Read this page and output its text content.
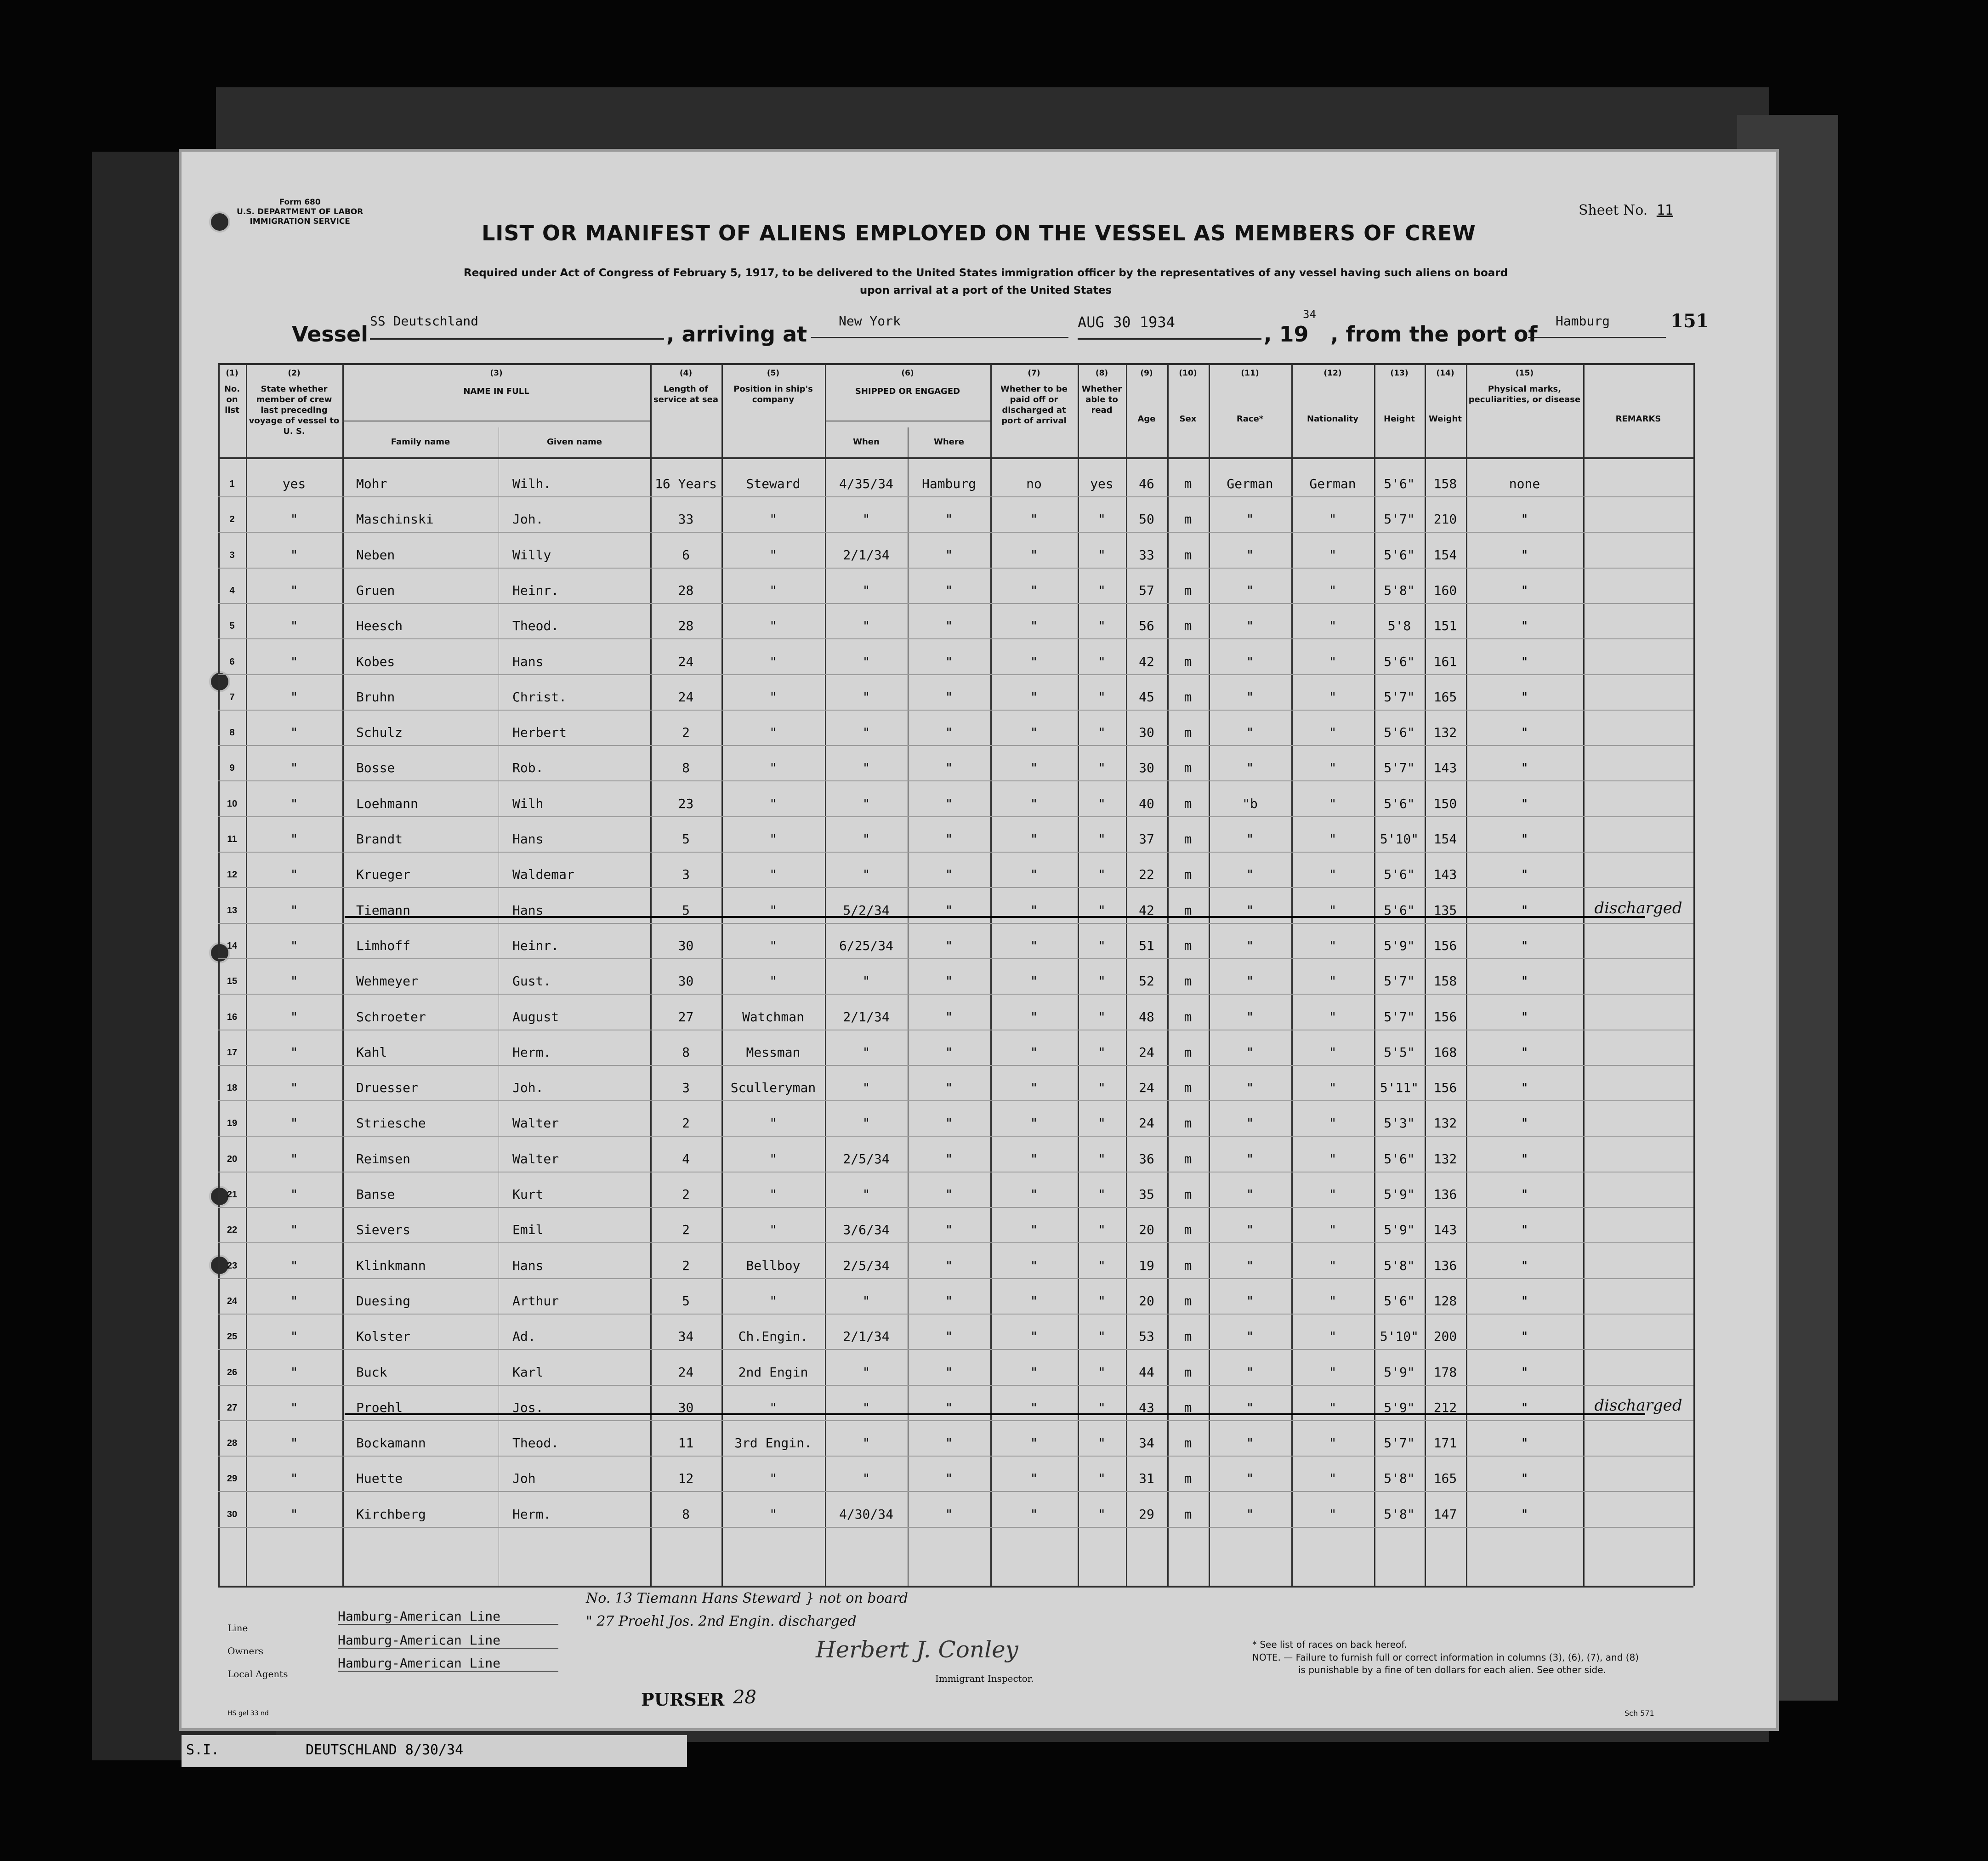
Form 680
U.S. DEPARTMENT OF LABOR
IMMIGRATION SERVICE
Sheet No. 11
LIST OR MANIFEST OF ALIENS EMPLOYED ON THE VESSEL AS MEMBERS OF CREW
Required under Act of Congress of February 5, 1917, to be delivered to the United States immigration officer by the representatives of any vessel having such aliens on board
upon arrival at a port of the United States
151
Vessel
SS Deutschland
, arriving at
New York	AUG 30 1934	, 19
34
, from the port of
Hamburg
(1)
No. on list
(2)
State whether member of crew last preceding voyage of vessel to U. S.
(3)
NAME IN FULL
(4)
Length of service at sea
(5)
Position in ship's company
(6)
SHIPPED OR ENGAGED
(7)
Whether to be paid off or discharged at port of arrival
(8)
Whether able to read
(9)
Age
(10)
Sex
(11)
Race*
(12)
Nationality
(13)
Height
(14)
Weight
(15)
Physical marks, peculiarities, or disease
REMARKS
Family name	Given name	When	Where
1	yes	Mohr	Wilh.	16 Years	Steward	4/35/34	Hamburg	no	yes	46	m	German	German	5'6"	158	none
2	"	Maschinski	Joh.	33	"	"	"	"	"	50	m	"	"	5'7"	210	"
3	"	Neben	Willy	6	"	2/1/34	"	"	"	33	m	"	"	5'6"	154	"
4	"	Gruen	Heinr.	28	"	"	"	"	"	57	m	"	"	5'8"	160	"
5	"	Heesch	Theod.	28	"	"	"	"	"	56	m	"	"	5'8	151	"
6	"	Kobes	Hans	24	"	"	"	"	"	42	m	"	"	5'6"	161	"
7	"	Bruhn	Christ.	24	"	"	"	"	"	45	m	"	"	5'7"	165	"
8	"	Schulz	Herbert	2	"	"	"	"	"	30	m	"	"	5'6"	132	"
9	"	Bosse	Rob.	8	"	"	"	"	"	30	m	"	"	5'7"	143	"
10	"	Loehmann	Wilh	23	"	"	"	"	"	40	m	"b	"	5'6"	150	"
11	"	Brandt	Hans	5	"	"	"	"	"	37	m	"	"	5'10"	154	"
12	"	Krueger	Waldemar	3	"	"	"	"	"	22	m	"	"	5'6"	143	"
13	"	Tiemann	Hans	5	"	5/2/34	"	"	"	42	m	"	"	5'6"	135	"	discharged
14	"	Limhoff	Heinr.	30	"	6/25/34	"	"	"	51	m	"	"	5'9"	156	"
15	"	Wehmeyer	Gust.	30	"	"	"	"	"	52	m	"	"	5'7"	158	"
16	"	Schroeter	August	27	Watchman	2/1/34	"	"	"	48	m	"	"	5'7"	156	"
17	"	Kahl	Herm.	8	Messman	"	"	"	"	24	m	"	"	5'5"	168	"
18	"	Druesser	Joh.	3	Sculleryman	"	"	"	"	24	m	"	"	5'11"	156	"
19	"	Striesche	Walter	2	"	"	"	"	"	24	m	"	"	5'3"	132	"
20	"	Reimsen	Walter	4	"	2/5/34	"	"	"	36	m	"	"	5'6"	132	"
21	"	Banse	Kurt	2	"	"	"	"	"	35	m	"	"	5'9"	136	"
22	"	Sievers	Emil	2	"	3/6/34	"	"	"	20	m	"	"	5'9"	143	"
23	"	Klinkmann	Hans	2	Bellboy	2/5/34	"	"	"	19	m	"	"	5'8"	136	"
24	"	Duesing	Arthur	5	"	"	"	"	"	20	m	"	"	5'6"	128	"
25	"	Kolster	Ad.	34	Ch.Engin.	2/1/34	"	"	"	53	m	"	"	5'10"	200	"
26	"	Buck	Karl	24	2nd Engin	"	"	"	"	44	m	"	"	5'9"	178	"
27	"	Proehl	Jos.	30	"	"	"	"	"	43	m	"	"	5'9"	212	"	discharged
28	"	Bockamann	Theod.	11	3rd Engin.	"	"	"	"	34	m	"	"	5'7"	171	"
29	"	Huette	Joh	12	"	"	"	"	"	31	m	"	"	5'8"	165	"
30	"	Kirchberg	Herm.	8	"	4/30/34	"	"	"	29	m	"	"	5'8"	147	"
Line
Hamburg-American Line
Owners
Hamburg-American Line
Local Agents
Hamburg-American Line
No. 13 Tiemann Hans Steward } not on board
" 27 Proehl Jos. 2nd Engin. discharged
PURSER 28
Herbert J. Conley
Immigrant Inspector.
* See list of races on back hereof.
NOTE. — Failure to furnish full or correct information in columns (3), (6), (7), and (8)
is punishable by a fine of ten dollars for each alien. See other side.
HS gel 33 nd	Sch 571
S.I.	DEUTSCHLAND 8/30/34
